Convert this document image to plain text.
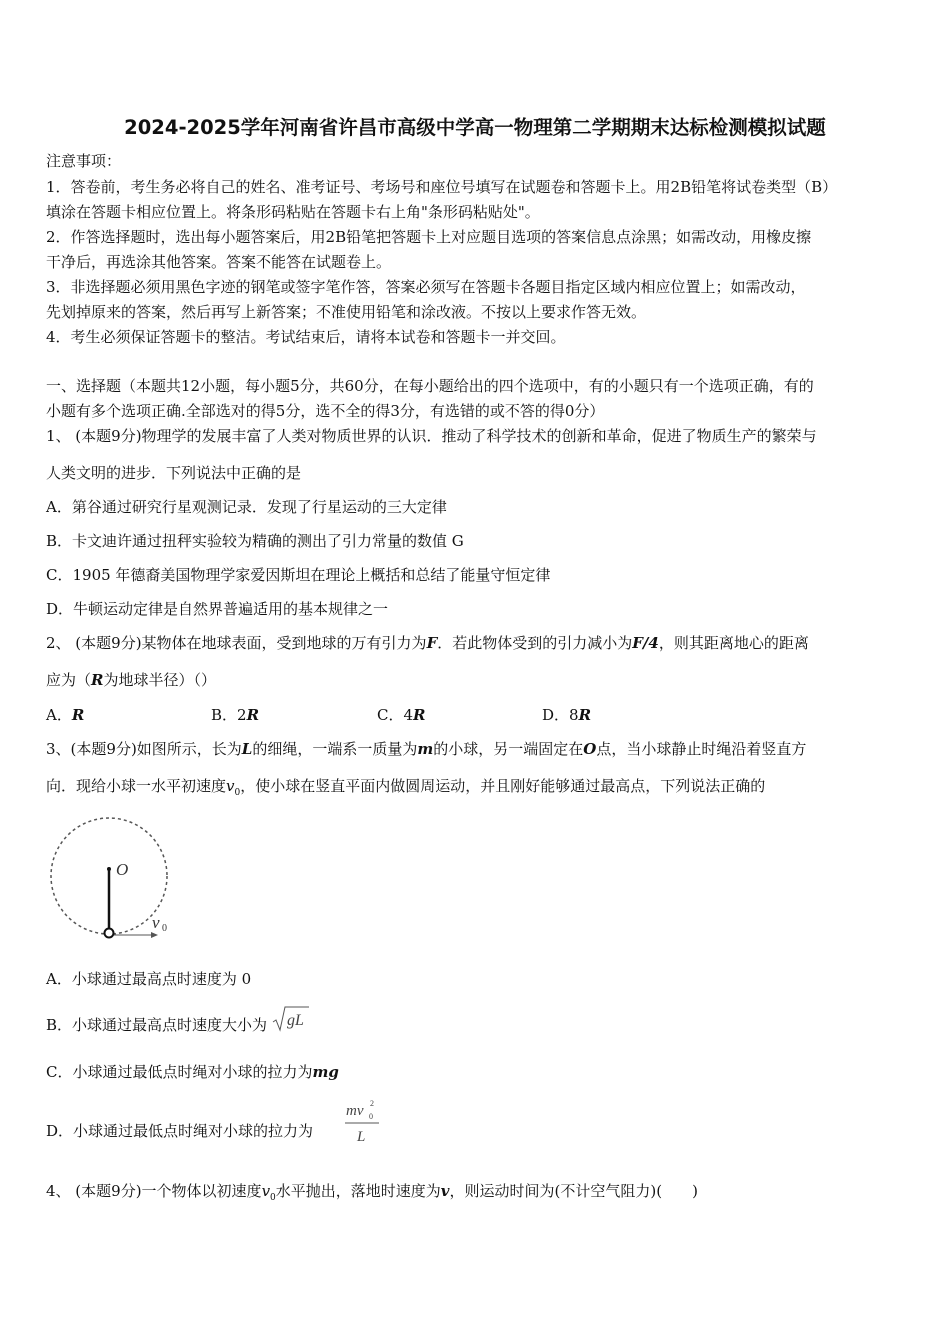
2024-2025学年河南省许昌市高级中学高一物理第二学期期末达标检测模拟试题
注意事项：
1．答卷前，考生务必将自己的姓名、准考证号、考场号和座位号填写在试题卷和答题卡上。用2B铅笔将试卷类型（B）
填涂在答题卡相应位置上。将条形码粘贴在答题卡右上角"条形码粘贴处"。
2．作答选择题时，选出每小题答案后，用2B铅笔把答题卡上对应题目选项的答案信息点涂黑；如需改动，用橡皮擦
干净后，再选涂其他答案。答案不能答在试题卷上。
3．非选择题必须用黑色字迹的钢笔或签字笔作答，答案必须写在答题卡各题目指定区域内相应位置上；如需改动，
先划掉原来的答案，然后再写上新答案；不准使用铅笔和涂改液。不按以上要求作答无效。
4．考生必须保证答题卡的整洁。考试结束后，请将本试卷和答题卡一并交回。
一、选择题（本题共12小题，每小题5分，共60分，在每小题给出的四个选项中，有的小题只有一个选项正确，有的
小题有多个选项正确.全部选对的得5分，选不全的得3分，有选错的或不答的得0分）
1、 (本题9分)物理学的发展丰富了人类对物质世界的认识．推动了科学技术的创新和革命，促进了物质生产的繁荣与
人类文明的进步．下列说法中正确的是
A．第谷通过研究行星观测记录．发现了行星运动的三大定律
B．卡文迪许通过扭秤实验较为精确的测出了引力常量的数值 G
C．1905 年德裔美国物理学家爱因斯坦在理论上概括和总结了能量守恒定律
D．牛顿运动定律是自然界普遍适用的基本规律之一
2、 (本题9分)某物体在地球表面，受到地球的万有引力为F．若此物体受到的引力减小为F/4，则其距离地心的距离
应为（R为地球半径）（）
A．R	B．2R	C．4R	D．8R
3、(本题9分)如图所示，长为L的细绳，一端系一质量为m的小球，另一端固定在O点，当小球静止时绳沿着竖直方
向．现给小球一水平初速度$v_0$，使小球在竖直平面内做圆周运动，并且刚好能够通过最高点，下列说法正确的
O
v 0
A．小球通过最高点时速度为 0
B．小球通过最高点时速度大小为 gL
C．小球通过最低点时绳对小球的拉力为mg
D．小球通过最低点时绳对小球的拉力为
mv 2
0
L
4、 (本题9分)一个物体以初速度$v_0$水平抛出，落地时速度为v，则运动时间为(不计空气阻力)(　　)
